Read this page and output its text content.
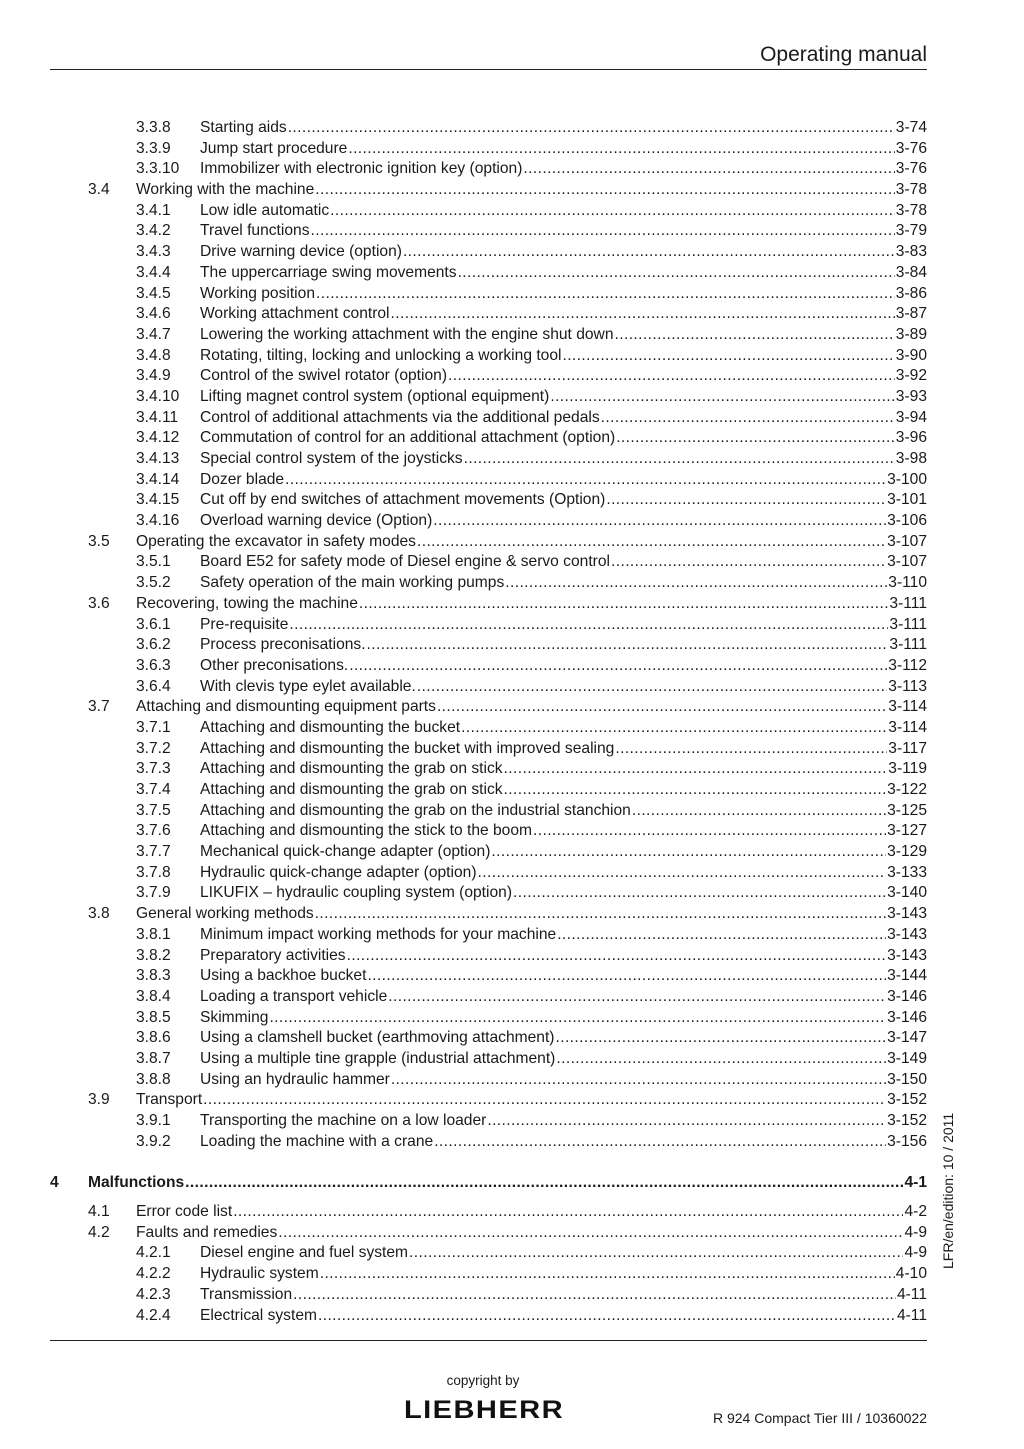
Operating manual
3.3.8 Starting aids .....	3-74
3.3.9 Jump start procedure .....	3-76
3.3.10 Immobilizer with electronic ignition key (option) .....	3-76
3.4 Working with the machine .....	3-78
3.4.1 Low idle automatic .....	3-78
3.4.2 Travel functions .....	3-79
3.4.3 Drive warning device (option) .....	3-83
3.4.4 The uppercarriage swing movements .....	3-84
3.4.5 Working position .....	3-86
3.4.6 Working attachment control .....	3-87
3.4.7 Lowering the working attachment with the engine shut down .....	3-89
3.4.8 Rotating, tilting, locking and unlocking a working tool .....	3-90
3.4.9 Control of the swivel rotator (option) .....	3-92
3.4.10 Lifting magnet control system (optional equipment) .....	3-93
3.4.11 Control of additional attachments via the additional pedals .....	3-94
3.4.12 Commutation of control for an additional attachment (option) .....	3-96
3.4.13 Special control system of the joysticks .....	3-98
3.4.14 Dozer blade .....	3-100
3.4.15 Cut off by end switches of attachment movements (Option) .....	3-101
3.4.16 Overload warning device (Option) .....	3-106
3.5 Operating the excavator in safety modes .....	3-107
3.5.1 Board E52 for safety mode of Diesel engine & servo control .....	3-107
3.5.2 Safety operation of the main working pumps .....	3-110
3.6 Recovering, towing the machine .....	3-111
3.6.1 Pre-requisite .....	3-111
3.6.2 Process preconisations. .....	3-111
3.6.3 Other preconisations. .....	3-112
3.6.4 With clevis type eylet available. .....	3-113
3.7 Attaching and dismounting equipment parts .....	3-114
3.7.1 Attaching and dismounting the bucket .....	3-114
3.7.2 Attaching and dismounting the bucket with improved sealing .....	3-117
3.7.3 Attaching and dismounting the grab on stick .....	3-119
3.7.4 Attaching and dismounting the grab on stick .....	3-122
3.7.5 Attaching and dismounting the grab on the industrial stanchion .....	3-125
3.7.6 Attaching and dismounting the stick to the boom .....	3-127
3.7.7 Mechanical quick-change adapter (option) .....	3-129
3.7.8 Hydraulic quick-change adapter (option) .....	3-133
3.7.9 LIKUFIX – hydraulic coupling system (option) .....	3-140
3.8 General working methods .....	3-143
3.8.1 Minimum impact working methods for your machine .....	3-143
3.8.2 Preparatory activities .....	3-143
3.8.3 Using a backhoe bucket .....	3-144
3.8.4 Loading a transport vehicle .....	3-146
3.8.5 Skimming .....	3-146
3.8.6 Using a clamshell bucket (earthmoving attachment) .....	3-147
3.8.7 Using a multiple tine grapple (industrial attachment) .....	3-149
3.8.8 Using an hydraulic hammer .....	3-150
3.9 Transport .....	3-152
3.9.1 Transporting the machine on a low loader .....	3-152
3.9.2 Loading the machine with a crane .....	3-156
4 Malfunctions .....	4-1
4.1 Error code list .....	4-2
4.2 Faults and remedies .....	4-9
4.2.1 Diesel engine and fuel system .....	4-9
4.2.2 Hydraulic system .....	4-10
4.2.3 Transmission .....	4-11
4.2.4 Electrical system .....	4-11
LFR/en/edition: 10 / 2011
copyright by
LIEBHERR	R 924 Compact Tier III / 10360022
